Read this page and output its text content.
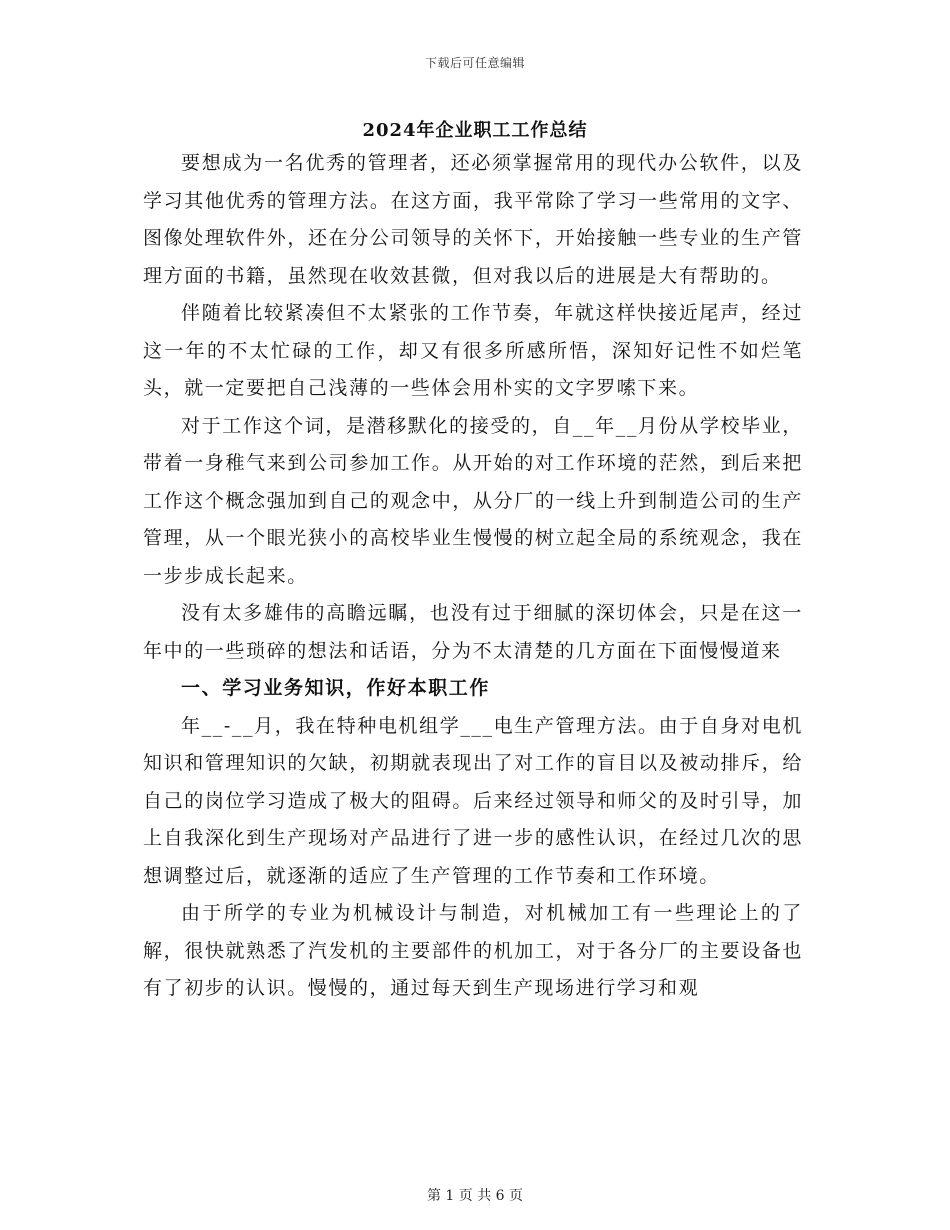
下载后可任意编辑
2024年企业职工工作总结

要想成为一名优秀的管理者，还必须掌握常用的现代办公软件，以及学习其他优秀的管理方法。在这方面，我平常除了学习一些常用的文字、图像处理软件外，还在分公司领导的关怀下，开始接触一些专业的生产管理方面的书籍，虽然现在收效甚微，但对我以后的进展是大有帮助的。

伴随着比较紧凑但不太紧张的工作节奏，年就这样快接近尾声，经过这一年的不太忙碌的工作，却又有很多所感所悟，深知好记性不如烂笔头，就一定要把自己浅薄的一些体会用朴实的文字罗嗦下来。

对于工作这个词，是潜移默化的接受的，自__年__月份从学校毕业，带着一身稚气来到公司参加工作。从开始的对工作环境的茫然，到后来把工作这个概念强加到自己的观念中，从分厂的一线上升到制造公司的生产管理，从一个眼光狭小的高校毕业生慢慢的树立起全局的系统观念，我在一步步成长起来。

没有太多雄伟的高瞻远瞩，也没有过于细腻的深切体会，只是在这一年中的一些琐碎的想法和话语，分为不太清楚的几方面在下面慢慢道来

一、学习业务知识，作好本职工作

年__-__月，我在特种电机组学___电生产管理方法。由于自身对电机知识和管理知识的欠缺，初期就表现出了对工作的盲目以及被动排斥，给自己的岗位学习造成了极大的阻碍。后来经过领导和师父的及时引导，加上自我深化到生产现场对产品进行了进一步的感性认识，在经过几次的思想调整过后，就逐渐的适应了生产管理的工作节奏和工作环境。

由于所学的专业为机械设计与制造，对机械加工有一些理论上的了解，很快就熟悉了汽发机的主要部件的机加工，对于各分厂的主要设备也有了初步的认识。慢慢的，通过每天到生产现场进行学习和观

第 1 页 共 6 页
